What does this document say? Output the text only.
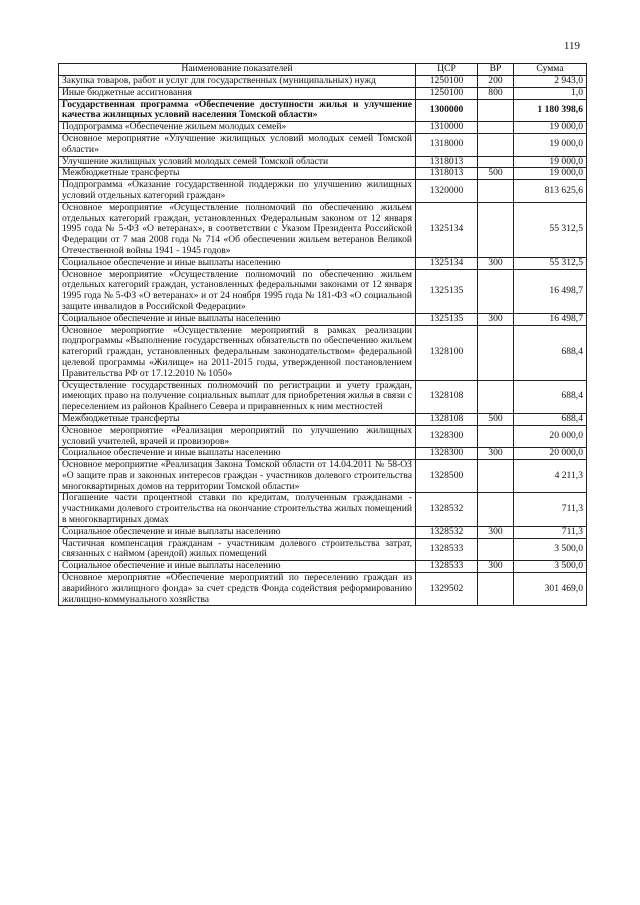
119
Наименование показателей	ЦСР	ВР	Сумма
Закупка товаров, работ и услуг для государственных (муниципальных) нужд	1250100	200	2 943,0
Иные бюджетные ассигнования	1250100	800	1,0
Государственная программа «Обеспечение доступности жилья и улучшение качества жилищных условий населения Томской области»	1300000		1 180 398,6
Подпрограмма «Обеспечение жильем молодых семей»	1310000		19 000,0
Основное мероприятие «Улучшение жилищных условий молодых семей Томской области»	1318000		19 000,0
Улучшение жилищных условий молодых семей Томской области	1318013		19 000,0
Межбюджетные трансферты	1318013	500	19 000,0
Подпрограмма «Оказание государственной поддержки по улучшению жилищных условий отдельных категорий граждан»	1320000		813 625,6
Основное мероприятие «Осуществление полномочий по обеспечению жильем отдельных категорий граждан, установленных Федеральным законом от 12 января 1995 года № 5-ФЗ «О ветеранах», в соответствии с Указом Президента Российской Федерации от 7 мая 2008 года № 714 «Об обеспечении жильем ветеранов Великой Отечественной войны 1941 - 1945 годов»	1325134		55 312,5
Социальное обеспечение и иные выплаты населению	1325134	300	55 312,5
Основное мероприятие «Осуществление полномочий по обеспечению жильем отдельных категорий граждан, установленных федеральными законами от 12 января 1995 года № 5-ФЗ «О ветеранах» и от 24 ноября 1995 года № 181-ФЗ «О социальной защите инвалидов в Российской Федерации»	1325135		16 498,7
Социальное обеспечение и иные выплаты населению	1325135	300	16 498,7
Основное мероприятие «Осуществление мероприятий в рамках реализации подпрограммы «Выполнение государственных обязательств по обеспечению жильем категорий граждан, установленных федеральным законодательством» федеральной целевой программы «Жилище» на 2011-2015 годы, утвержденной постановлением Правительства РФ от 17.12.2010 № 1050»	1328100		688,4
Осуществление государственных полномочий по регистрации и учету граждан, имеющих право на получение социальных выплат для приобретения жилья в связи с переселением из районов Крайнего Севера и приравненных к ним местностей	1328108		688,4
Межбюджетные трансферты	1328108	500	688,4
Основное мероприятие «Реализация мероприятий по улучшению жилищных условий учителей, врачей и провизоров»	1328300		20 000,0
Социальное обеспечение и иные выплаты населению	1328300	300	20 000,0
Основное мероприятие «Реализация Закона Томской области от 14.04.2011 № 58-ОЗ «О защите прав и законных интересов граждан - участников долевого строительства многоквартирных домов на территории Томской области»	1328500		4 211,3
Погашение части процентной ставки по кредитам, полученным гражданами - участниками долевого строительства на окончание строительства жилых помещений в многоквартирных домах	1328532		711,3
Социальное обеспечение и иные выплаты населению	1328532	300	711,3
Частичная компенсация гражданам - участникам долевого строительства затрат, связанных с наймом (арендой) жилых помещений	1328533		3 500,0
Социальное обеспечение и иные выплаты населению	1328533	300	3 500,0
Основное мероприятие «Обеспечение мероприятий по переселению граждан из аварийного жилищного фонда» за счет средств Фонда содействия реформированию жилищно-коммунального хозяйства	1329502		301 469,0
